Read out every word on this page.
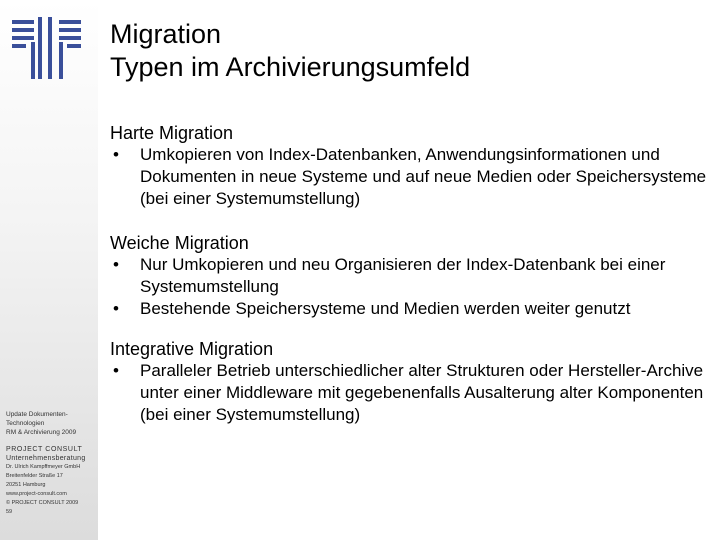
Update Dokumenten-
Technologien
RM & Archivierung 2009
PROJECT CONSULT
Unternehmensberatung
Dr. Ulrich Kampffmeyer GmbH
Breitenfelder Straße 17
20251 Hamburg
www.project-consult.com
© PROJECT CONSULT 2009
59
Migration
Typen im Archivierungsumfeld
Harte Migration
• Umkopieren von Index-Datenbanken, Anwendungsinformationen und Dokumenten in neue Systeme und auf neue Medien oder Speichersysteme (bei einer Systemumstellung)
Weiche Migration
• Nur Umkopieren und neu Organisieren der Index-Datenbank bei einer Systemumstellung
• Bestehende Speichersysteme und Medien werden weiter genutzt
Integrative Migration
• Paralleler Betrieb unterschiedlicher alter Strukturen oder Hersteller-Archive unter einer Middleware mit gegebenenfalls Ausalterung alter Komponenten (bei einer Systemumstellung)
